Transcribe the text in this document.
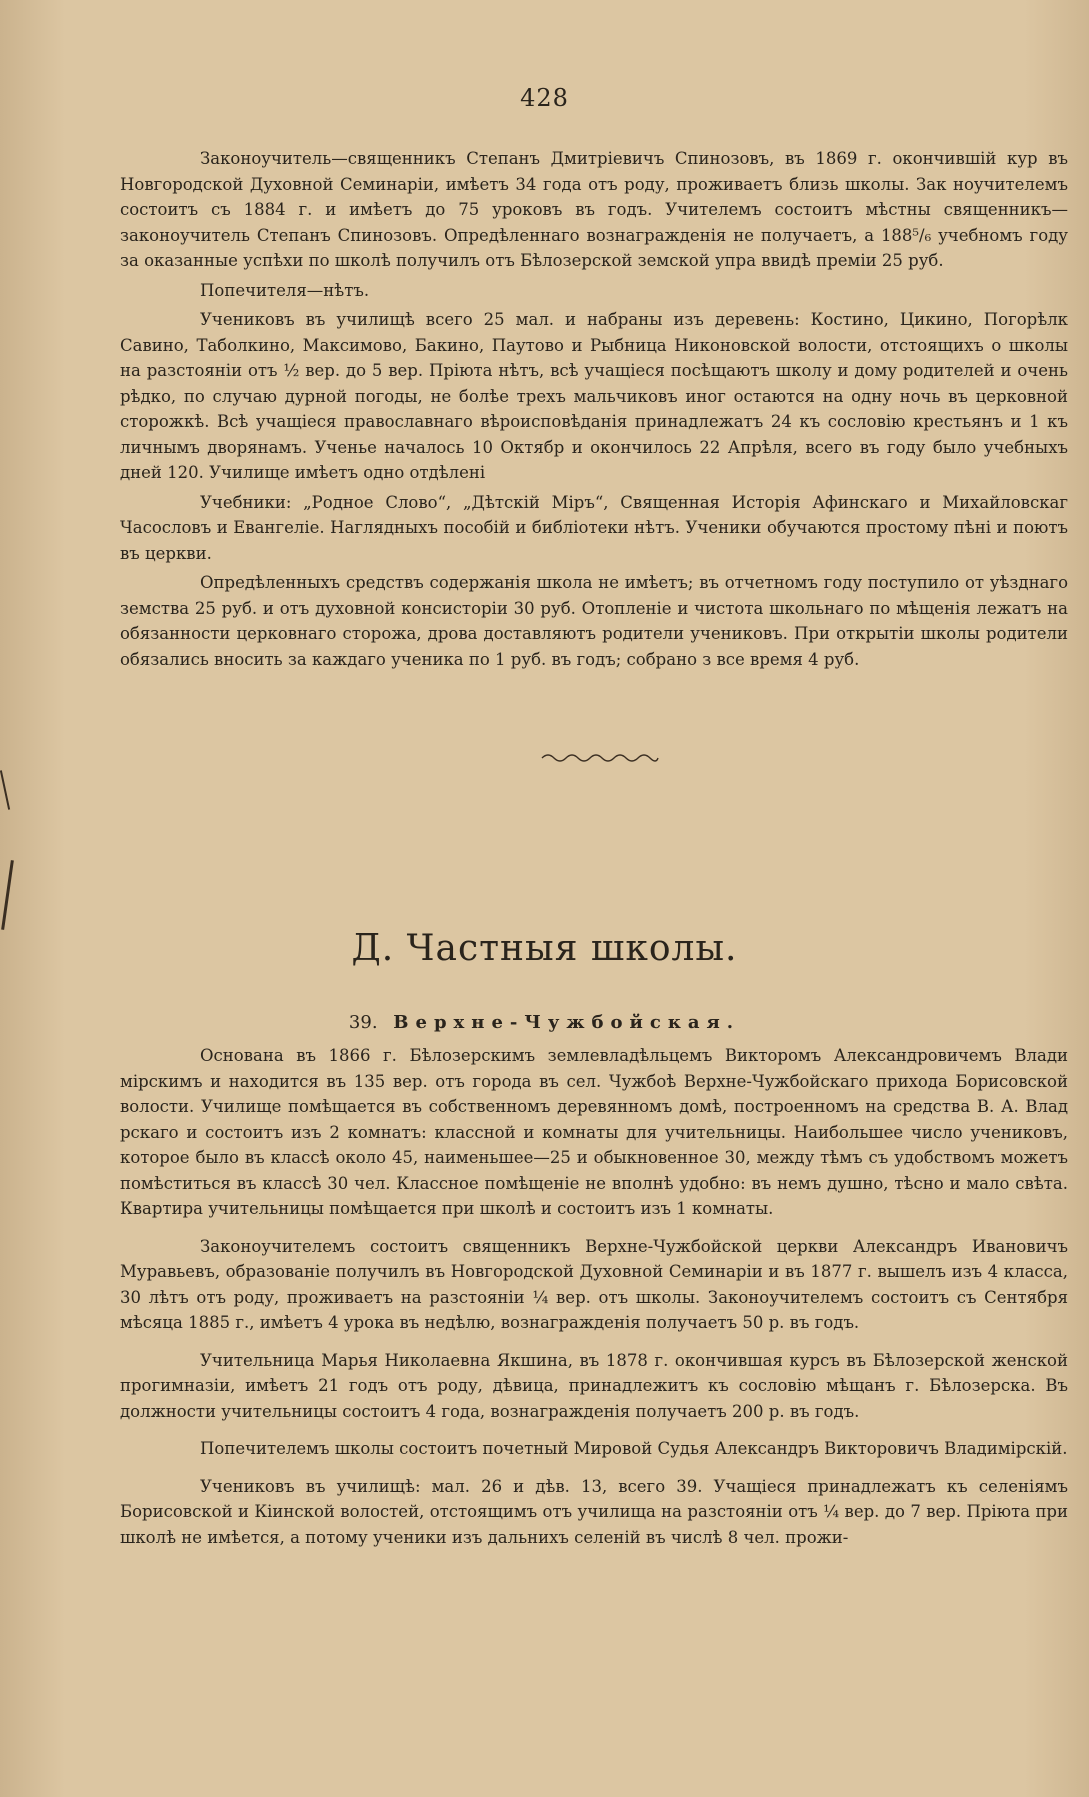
428

Законоучитель—священникъ Степанъ Дмитріевичъ Спинозовъ, въ 1869 г. окончившій кур въ Новгородской Духовной Семинаріи, имѣетъ 34 года отъ роду, проживаетъ близь школы. Зак ноучителемъ состоитъ съ 1884 г. и имѣетъ до 75 уроковъ въ годъ. Учителемъ состоитъ мѣстны священникъ—законоучитель Степанъ Спинозовъ. Опредѣленнаго вознагражденія не получаетъ, а 188⁵/₆ учебномъ году за оказанные успѣхи по школѣ получилъ отъ Бѣлозерской земской упра ввидѣ преміи 25 руб.

Попечителя—нѣтъ.

Учениковъ въ училищѣ всего 25 мал. и набраны изъ деревень: Костино, Цикино, Погорѣлк Савино, Таболкино, Максимово, Бакино, Паутово и Рыбница Никоновской волости, отстоящихъ о школы на разстояніи отъ ½ вер. до 5 вер. Пріюта нѣтъ, всѣ учащіеся посѣщаютъ школу и дому родителей и очень рѣдко, по случаю дурной погоды, не болѣе трехъ мальчиковъ иног остаются на одну ночь въ церковной сторожкѣ. Всѣ учащіеся православнаго вѣроисповѣданія принадлежатъ 24 къ сословію крестьянъ и 1 къ личнымъ дворянамъ. Ученье началось 10 Октябр и окончилось 22 Апрѣля, всего въ году было учебныхъ дней 120. Училище имѣетъ одно отдѣлені

Учебники: „Родное Слово“, „Дѣтскій Міръ“, Священная Исторія Афинскаго и Михайловскаг Часословъ и Евангеліе. Наглядныхъ пособій и библіотеки нѣтъ. Ученики обучаются простому пѣні и поютъ въ церкви.

Опредѣленныхъ средствъ содержанія школа не имѣетъ; въ отчетномъ году поступило от уѣзднаго земства 25 руб. и отъ духовной консисторіи 30 руб. Отопленіе и чистота школьнаго по мѣщенія лежатъ на обязанности церковнаго сторожа, дрова доставляютъ родители учениковъ. При открытіи школы родители обязались вносить за каждаго ученика по 1 руб. въ годъ; собрано з все время 4 руб.

Д. Частныя школы.
39. Верхне-Чужбойская.

Основана въ 1866 г. Бѣлозерскимъ землевладѣльцемъ Викторомъ Александровичемъ Влади мірскимъ и находится въ 135 вер. отъ города въ сел. Чужбоѣ Верхне-Чужбойскаго прихода Борисовской волости. Училище помѣщается въ собственномъ деревянномъ домѣ, построенномъ на средства В. А. Влад рскаго и состоитъ изъ 2 комнатъ: классной и комнаты для учительницы. Наибольшее число учениковъ, которое было въ классѣ около 45, наименьшее—25 и обыкновенное 30, между тѣмъ съ удобствомъ можетъ помѣститься въ классѣ 30 чел. Классное помѣщеніе не вполнѣ удобно: въ немъ душно, тѣсно и мало свѣта. Квартира учительницы помѣщается при школѣ и состоитъ изъ 1 комнаты.

Законоучителемъ состоитъ священникъ Верхне-Чужбойской церкви Александръ Ивановичъ Муравьевъ, образованіе получилъ въ Новгородской Духовной Семинаріи и въ 1877 г. вышелъ изъ 4 класса, 30 лѣтъ отъ роду, проживаетъ на разстояніи ¼ вер. отъ школы. Законоучителемъ состоитъ съ Сентября мѣсяца 1885 г., имѣетъ 4 урока въ недѣлю, вознагражденія получаетъ 50 р. въ годъ.

Учительница Марья Николаевна Якшина, въ 1878 г. окончившая курсъ въ Бѣлозерской женской прогимназіи, имѣетъ 21 годъ отъ роду, дѣвица, принадлежитъ къ сословію мѣщанъ г. Бѣлозерска. Въ должности учительницы состоитъ 4 года, вознагражденія получаетъ 200 р. въ годъ.

Попечителемъ школы состоитъ почетный Мировой Судья Александръ Викторовичъ Владимірскій.

Учениковъ въ училищѣ: мал. 26 и дѣв. 13, всего 39. Учащіеся принадлежатъ къ селеніямъ Борисовской и Кіинской волостей, отстоящимъ отъ училища на разстояніи отъ ¼ вер. до 7 вер. Пріюта при школѣ не имѣется, а потому ученики изъ дальнихъ селеній въ числѣ 8 чел. прожи-
